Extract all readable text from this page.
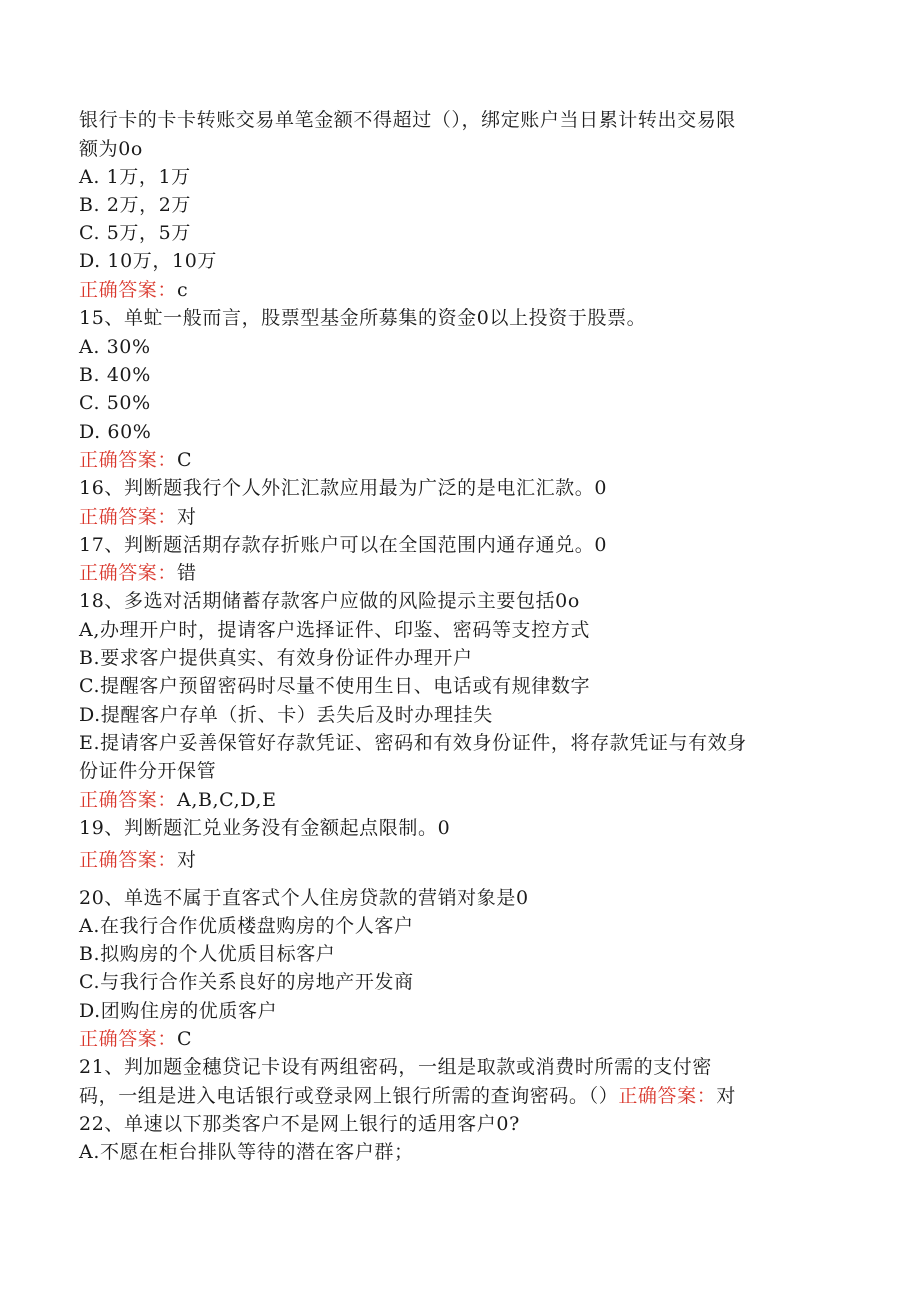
银行卡的卡卡转账交易单笔金额不得超过（），绑定账户当日累计转出交易限
额为0o
A. 1万，1万
B. 2万，2万
C. 5万，5万
D. 10万，10万
正确答案：c
15、单虻一般而言，股票型基金所募集的资金0以上投资于股票。
A. 30%
B. 40%
C. 50%
D. 60%
正确答案：C
16、判断题我行个人外汇汇款应用最为广泛的是电汇汇款。0
正确答案：对
17、判断题活期存款存折账户可以在全国范围内通存通兑。0
正确答案：错
18、多选对活期储蓄存款客户应做的风险提示主要包括0o
A,办理开户时，提请客户选择证件、印鉴、密码等支控方式
B.要求客户提供真实、有效身份证件办理开户
C.提醒客户预留密码时尽量不使用生日、电话或有规律数字
D.提醒客户存单（折、卡）丢失后及时办理挂失
E.提请客户妥善保管好存款凭证、密码和有效身份证件，将存款凭证与有效身
份证件分开保管
正确答案：A,B,C,D,E
19、判断题汇兑业务没有金额起点限制。0
正确答案：对
20、单选不属于直客式个人住房贷款的营销对象是0
A.在我行合作优质楼盘购房的个人客户
B.拟购房的个人优质目标客户
C.与我行合作关系良好的房地产开发商
D.团购住房的优质客户
正确答案：C
21、判加题金穗贷记卡设有两组密码，一组是取款或消费时所需的支付密
码，一组是进入电话银行或登录网上银行所需的查询密码。（）正确答案：对
22、单速以下那类客户不是网上银行的适用客户0?
A.不愿在柜台排队等待的潜在客户群；
